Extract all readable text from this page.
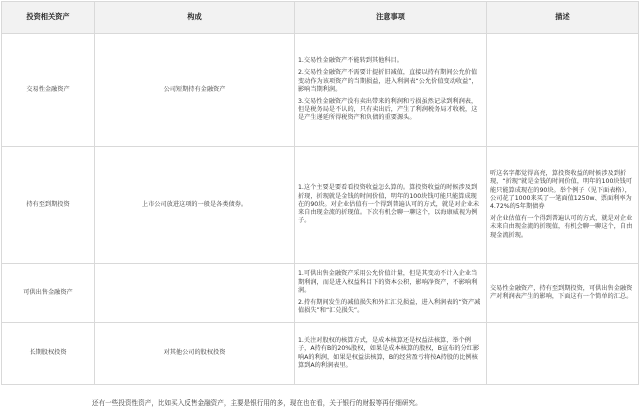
投资相关资产	构成	注意事项	描述
交易性金融资产	公司短期持有金融资产	1.交易性金融资产不能转到其他科目。

2.交易性金融资产不需要计提折旧减值，直接以持有期间公允价值变动作为该项资产的当期损益，进入利润表“公允价值变动收益”，影响当期利润。

3.交易性金融资产没有卖出带来的利润和亏损虽然记录到利润表，但是税务局是不认的，只有卖出后，产生了利润税务局才收税，这是产生递延所得税资产和负债的重要源头。	

持有至到期投资	上市公司放进这项的一般是各类债券。	1.这个主要是要看看投资收益怎么算的。算投资收益的时候涉及到折现，折现就是金钱的时间价值，明年的100块钱可能只能算成现在的90块。对企业估值有一个得到普遍认可的方式，就是对企业未来自由现金流的折现值。下次有机会聊一聊这个，以海康威视为例子。	听这名字都觉得高亮，算投资收益的时候涉及到折现，“折现”就是金钱的时间价值，明年的100块钱可能只能算成现在的90块。举个例子（见下面表格），公司花了1000来买了一笔面值1250w、票面利率为4.72%的5年期债券

对企业估值有一个得到普遍认可的方式，就是对企业未来自由现金流的折现值，有机会聊一聊这个，自由现金流折现。

可供出售金融资产		1.可供出售金融资产采用公允价值计量，但是其变动不计入企业当期利润，而是进入权益科目下的资本公积，影响净资产，不影响利润。

2.持有期间发生的减值损失和外汇汇兑损益，进入利润表的“资产减值损失”和“汇兑损失”。	交易性金融资产，持有至到期投资，可供出售金融资产对利润表产生的影响，下面这有一个简单的汇总。

长期股权投资	对其他公司的股权投资	1.关注对股权的核算方式，是成本核算还是权益法核算，举个例子，A持有B的20%股权，如果是成本核算的股权，B宣布的分红影响A的利润，如果是权益法核算，B的经营盈亏将按A持股的比例核算到A的利润表里。	

还有一些投资性资产，比如买入反售金融资产，主要是银行用的多，现在也在看，关于银行的财报等再仔细研究。
